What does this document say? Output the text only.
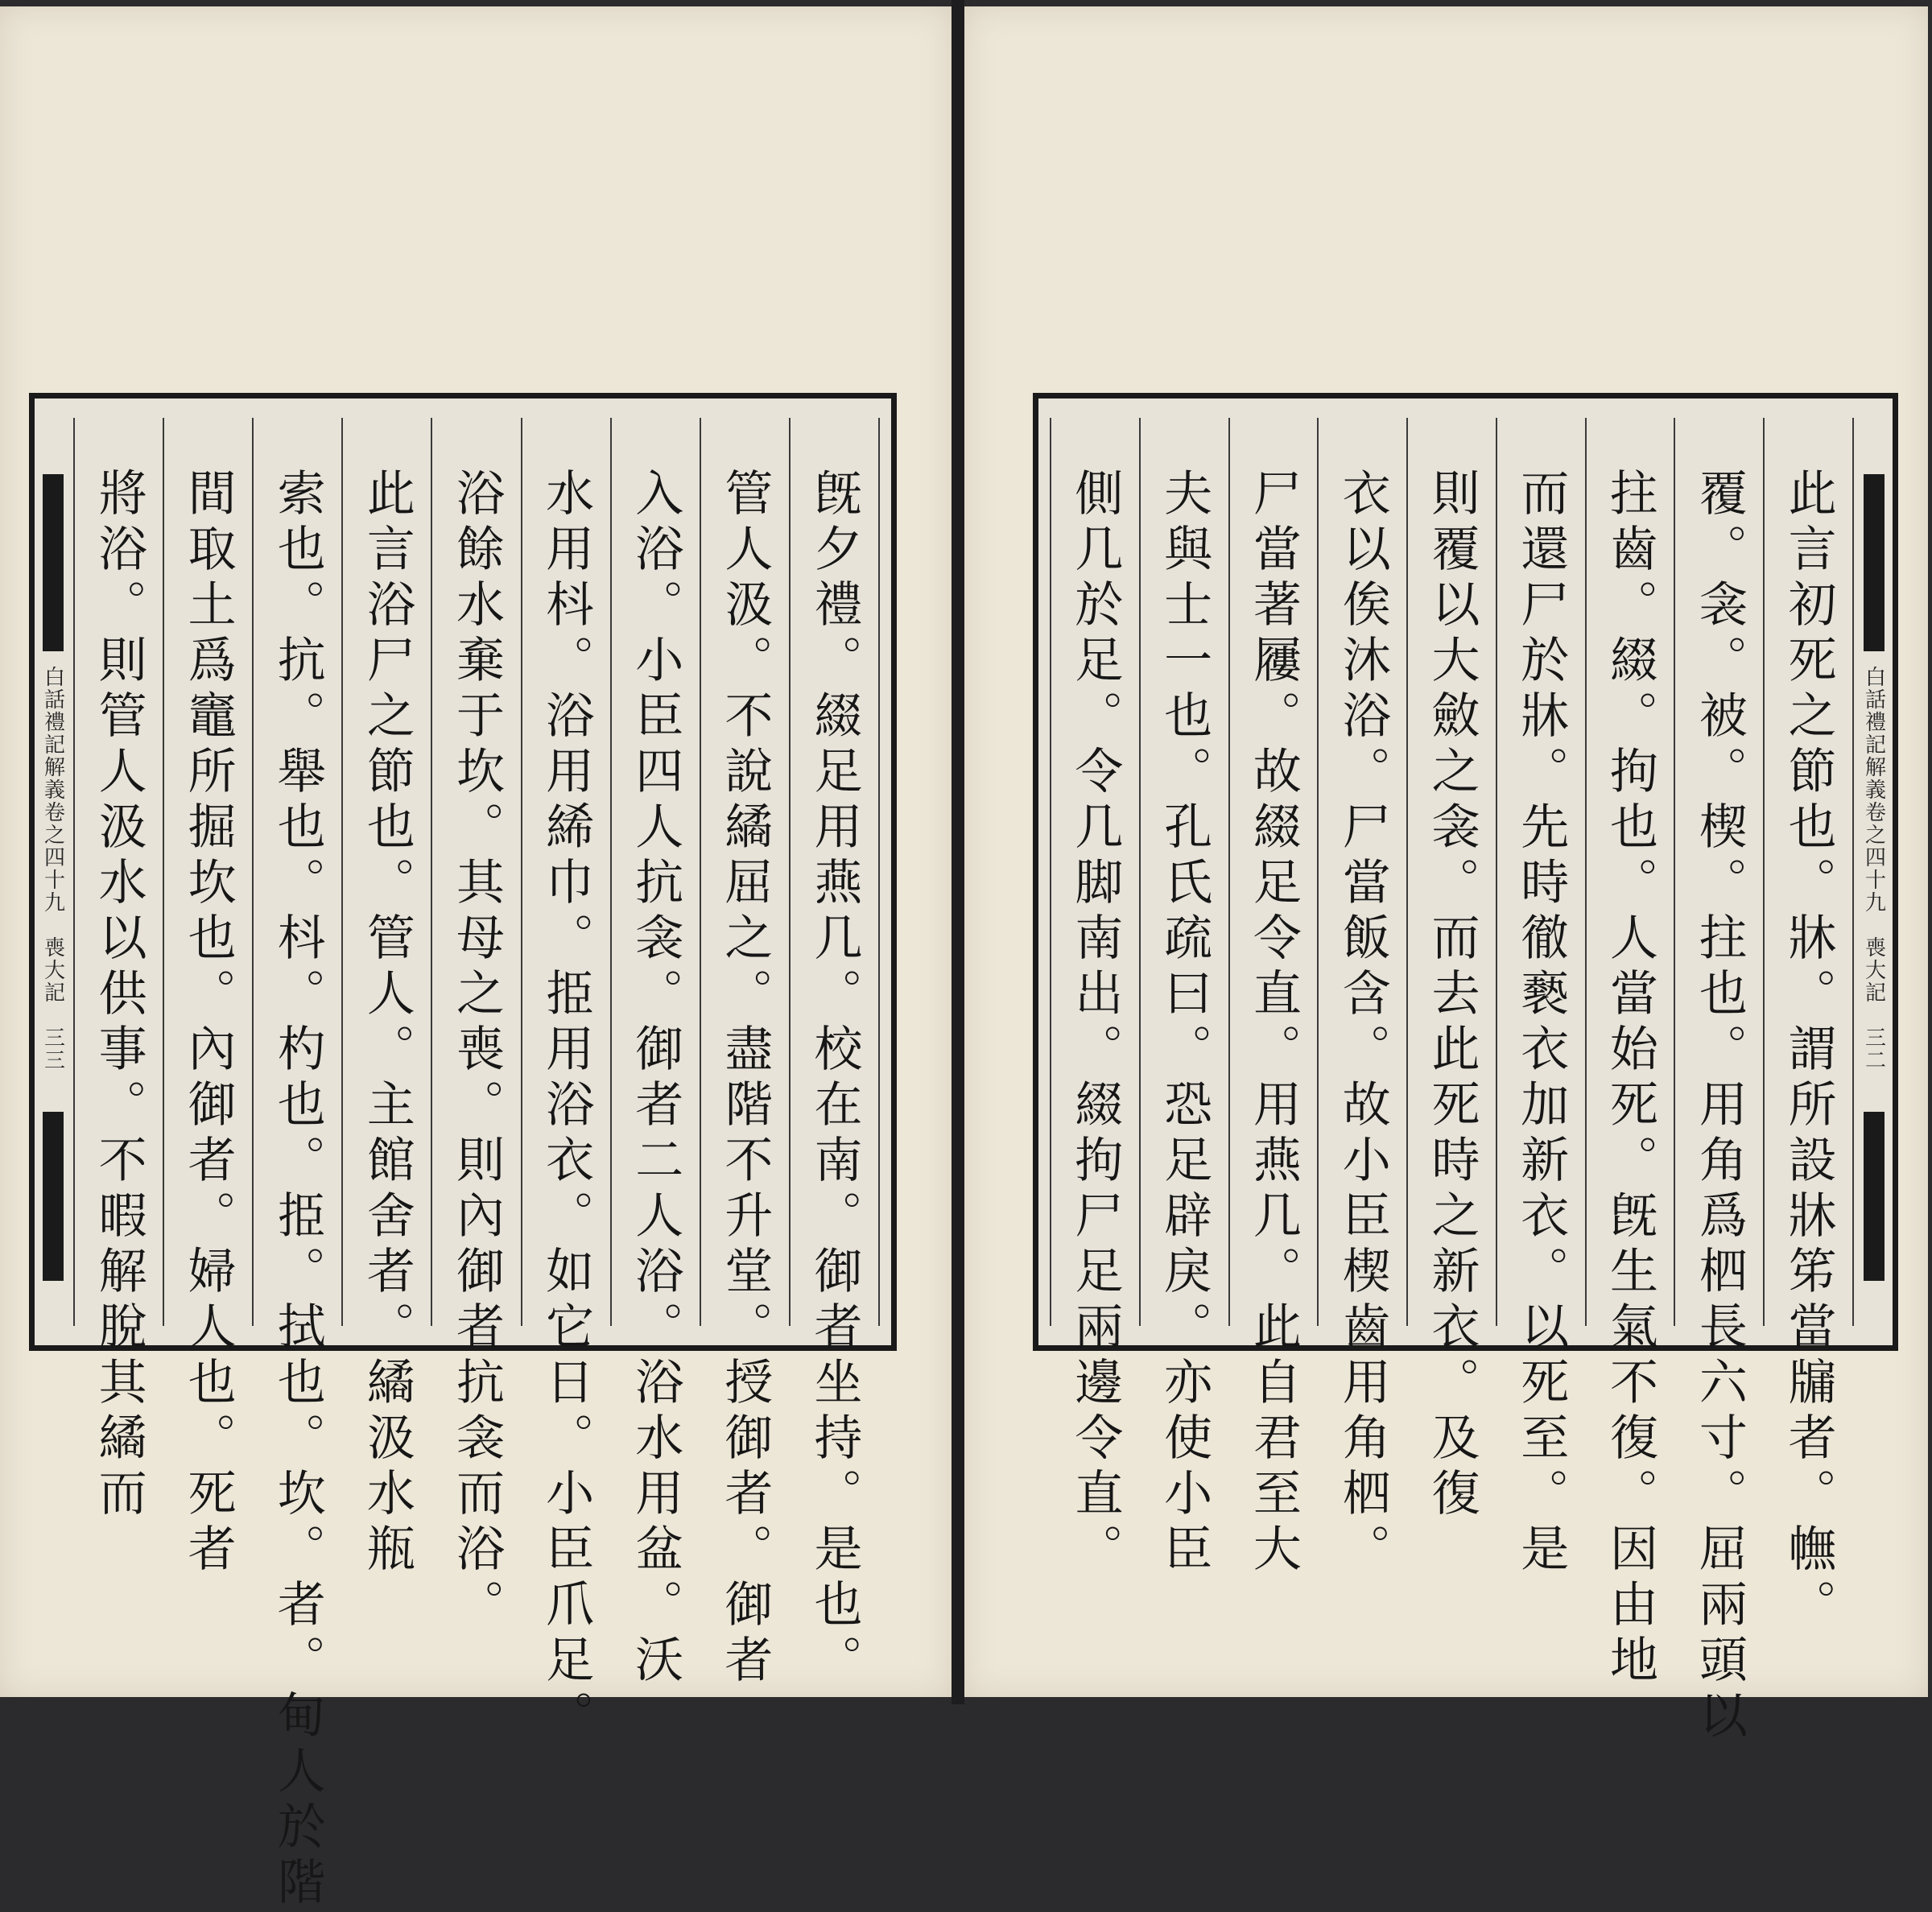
白話禮記解義卷之四十九　喪大記　三三	旣夕禮。綴足用燕几。校在南。御者坐持。是也。
管人汲。不說繘屈之。盡階不升堂。授御者。御者
入浴。小臣四人抗衾。御者二人浴。浴水用盆。沃
水用枓。浴用絺巾。挋用浴衣。如它日。小臣爪足。
浴餘水棄于坎。其母之喪。則內御者抗衾而浴。
此言浴尸之節也。管人。主館舍者。繘汲水瓶
索也。抗。舉也。枓。杓也。挋。拭也。坎。者。甸人於階
間取土爲竈所掘坎也。內御者。婦人也。死者
將浴。則管人汲水以供事。不暇解脫其繘而	白話禮記解義卷之四十九　喪大記　三二
此言初死之節也。牀。謂所設牀笫當牖者。幠。
覆。衾。被。楔。拄也。用角爲柶長六寸。屈兩頭以
拄齒。綴。拘也。人當始死。旣生氣不復。因由地
而還尸於牀。先時徹褻衣加新衣。以死至。是
則覆以大斂之衾。而去此死時之新衣。及復
衣以俟沐浴。尸當飯含。故小臣楔齒用角柶。
尸當著屨。故綴足令直。用燕几。此自君至大
夫與士一也。孔氏疏曰。恐足辟戾。亦使小臣
側几於足。令几脚南出。綴拘尸足兩邊令直。
